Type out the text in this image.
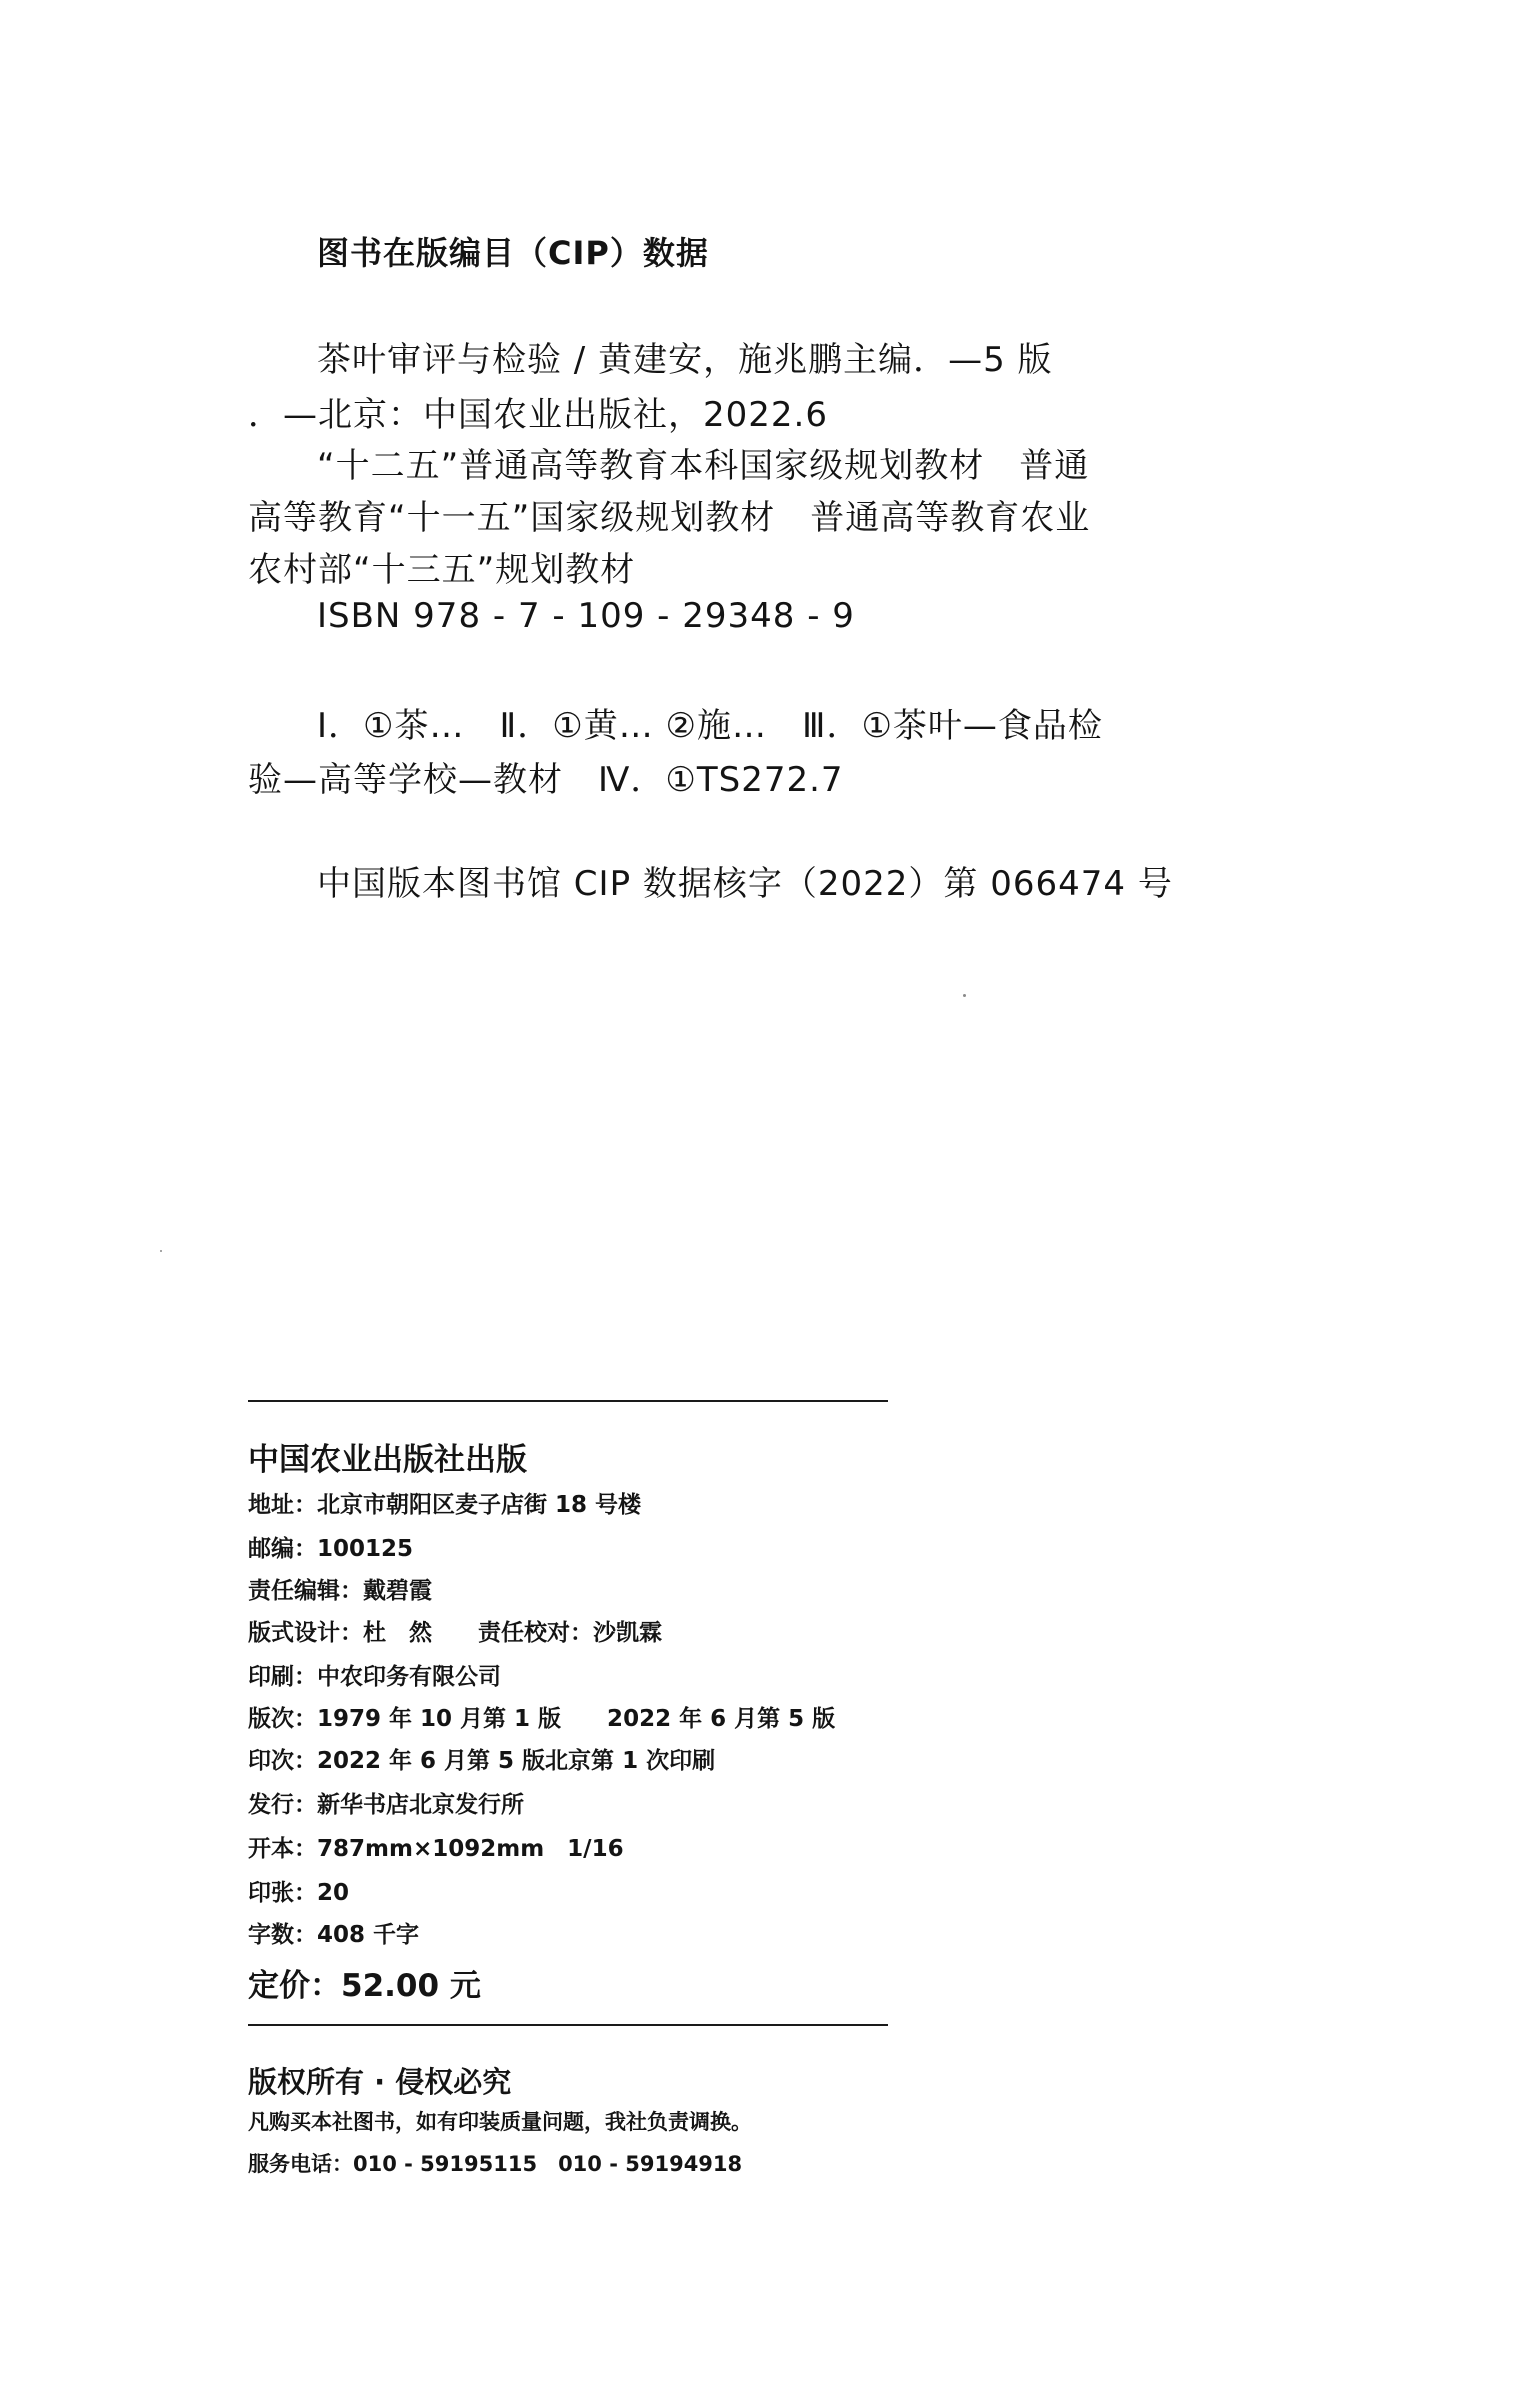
图书在版编目（CIP）数据
茶叶审评与检验 / 黄建安，施兆鹏主编．—5 版
．—北京：中国农业出版社，2022.6
“十二五”普通高等教育本科国家级规划教材　普通
高等教育“十一五”国家级规划教材　普通高等教育农业
农村部“十三五”规划教材
ISBN 978 - 7 - 109 - 29348 - 9
Ⅰ．①茶…　Ⅱ．①黄… ②施…　Ⅲ．①茶叶—食品检
验—高等学校—教材　Ⅳ．①TS272.7
中国版本图书馆 CIP 数据核字（2022）第 066474 号
中国农业出版社出版
地址：北京市朝阳区麦子店街 18 号楼
邮编：100125
责任编辑：戴碧霞
版式设计：杜　然　　责任校对：沙凯霖
印刷：中农印务有限公司
版次：1979 年 10 月第 1 版　　2022 年 6 月第 5 版
印次：2022 年 6 月第 5 版北京第 1 次印刷
发行：新华书店北京发行所
开本：787mm×1092mm　1/16
印张：20
字数：408 千字
定价：52.00 元
版权所有 · 侵权必究
凡购买本社图书，如有印装质量问题，我社负责调换。
服务电话：010 - 59195115　010 - 59194918
